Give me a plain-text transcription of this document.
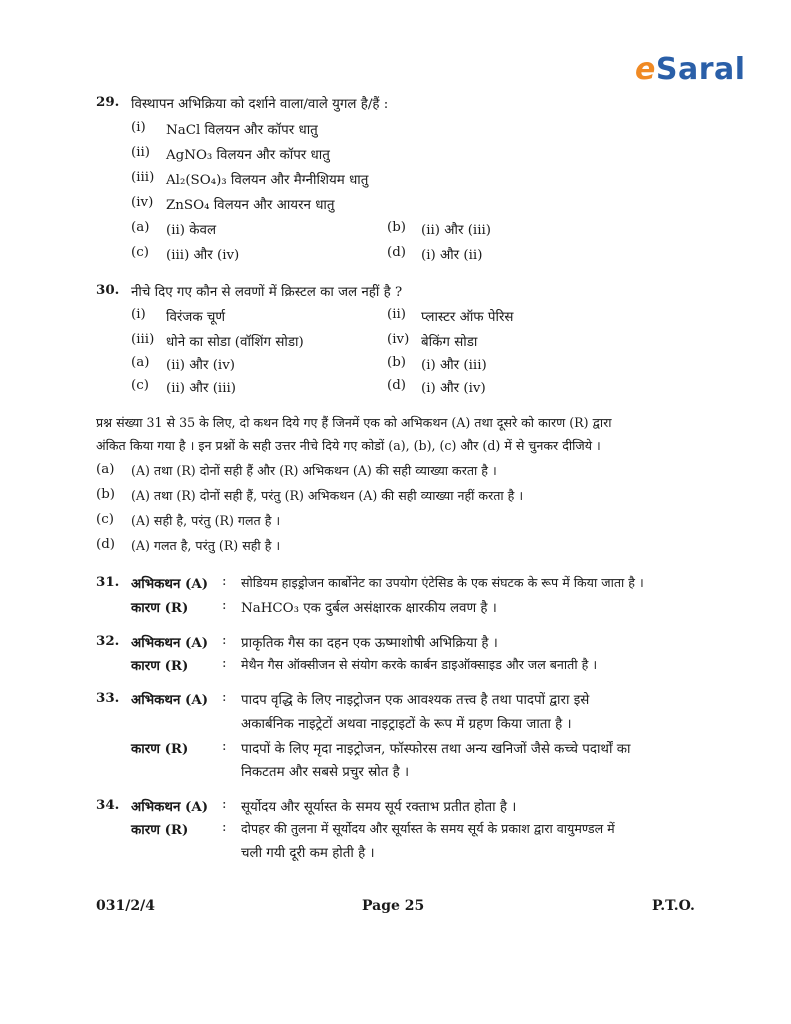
eSaral
29. विस्थापन अभिक्रिया को दर्शाने वाला/वाले युगल है/हैं :
(i) NaCl विलयन और कॉपर धातु
(ii) AgNO₃ विलयन और कॉपर धातु
(iii) Al₂(SO₄)₃ विलयन और मैग्नीशियम धातु
(iv) ZnSO₄ विलयन और आयरन धातु
(a) (ii) केवल	(b) (ii) और (iii)
(c) (iii) और (iv)	(d) (i) और (ii)
30. नीचे दिए गए कौन से लवणों में क्रिस्टल का जल नहीं है ?
(i) विरंजक चूर्ण	(ii) प्लास्टर ऑफ पेरिस
(iii) धोने का सोडा (वॉशिंग सोडा)	(iv) बेकिंग सोडा
(a) (ii) और (iv)	(b) (i) और (iii)
(c) (ii) और (iii)	(d) (i) और (iv)
प्रश्न संख्या 31 से 35 के लिए, दो कथन दिये गए हैं जिनमें एक को अभिकथन (A) तथा दूसरे को कारण (R) द्वारा
अंकित किया गया है । इन प्रश्नों के सही उत्तर नीचे दिये गए कोडों (a), (b), (c) और (d) में से चुनकर दीजिये ।
(a) (A) तथा (R) दोनों सही हैं और (R) अभिकथन (A) की सही व्याख्या करता है ।
(b) (A) तथा (R) दोनों सही हैं, परंतु (R) अभिकथन (A) की सही व्याख्या नहीं करता है ।
(c) (A) सही है, परंतु (R) गलत है ।
(d) (A) गलत है, परंतु (R) सही है ।
31. अभिकथन (A) : सोडियम हाइड्रोजन कार्बोनेट का उपयोग एंटेसिड के एक संघटक के रूप में किया जाता है ।
कारण (R)	: NaHCO₃ एक दुर्बल असंक्षारक क्षारकीय लवण है ।
32. अभिकथन (A) : प्राकृतिक गैस का दहन एक ऊष्माशोषी अभिक्रिया है ।
कारण (R)	: मेथैन गैस ऑक्सीजन से संयोग करके कार्बन डाइऑक्साइड और जल बनाती है ।
33. अभिकथन (A) : पादप वृद्धि के लिए नाइट्रोजन एक आवश्यक तत्त्व है तथा पादपों द्वारा इसे
अकार्बनिक नाइट्रेटों अथवा नाइट्राइटों के रूप में ग्रहण किया जाता है ।
कारण (R)	: पादपों के लिए मृदा नाइट्रोजन, फॉस्फोरस तथा अन्य खनिजों जैसे कच्चे पदार्थों का
निकटतम और सबसे प्रचुर स्रोत है ।
34. अभिकथन (A) : सूर्योदय और सूर्यास्त के समय सूर्य रक्ताभ प्रतीत होता है ।
कारण (R)	: दोपहर की तुलना में सूर्योदय और सूर्यास्त के समय सूर्य के प्रकाश द्वारा वायुमण्डल में
चली गयी दूरी कम होती है ।
031/2/4	Page 25	P.T.O.
